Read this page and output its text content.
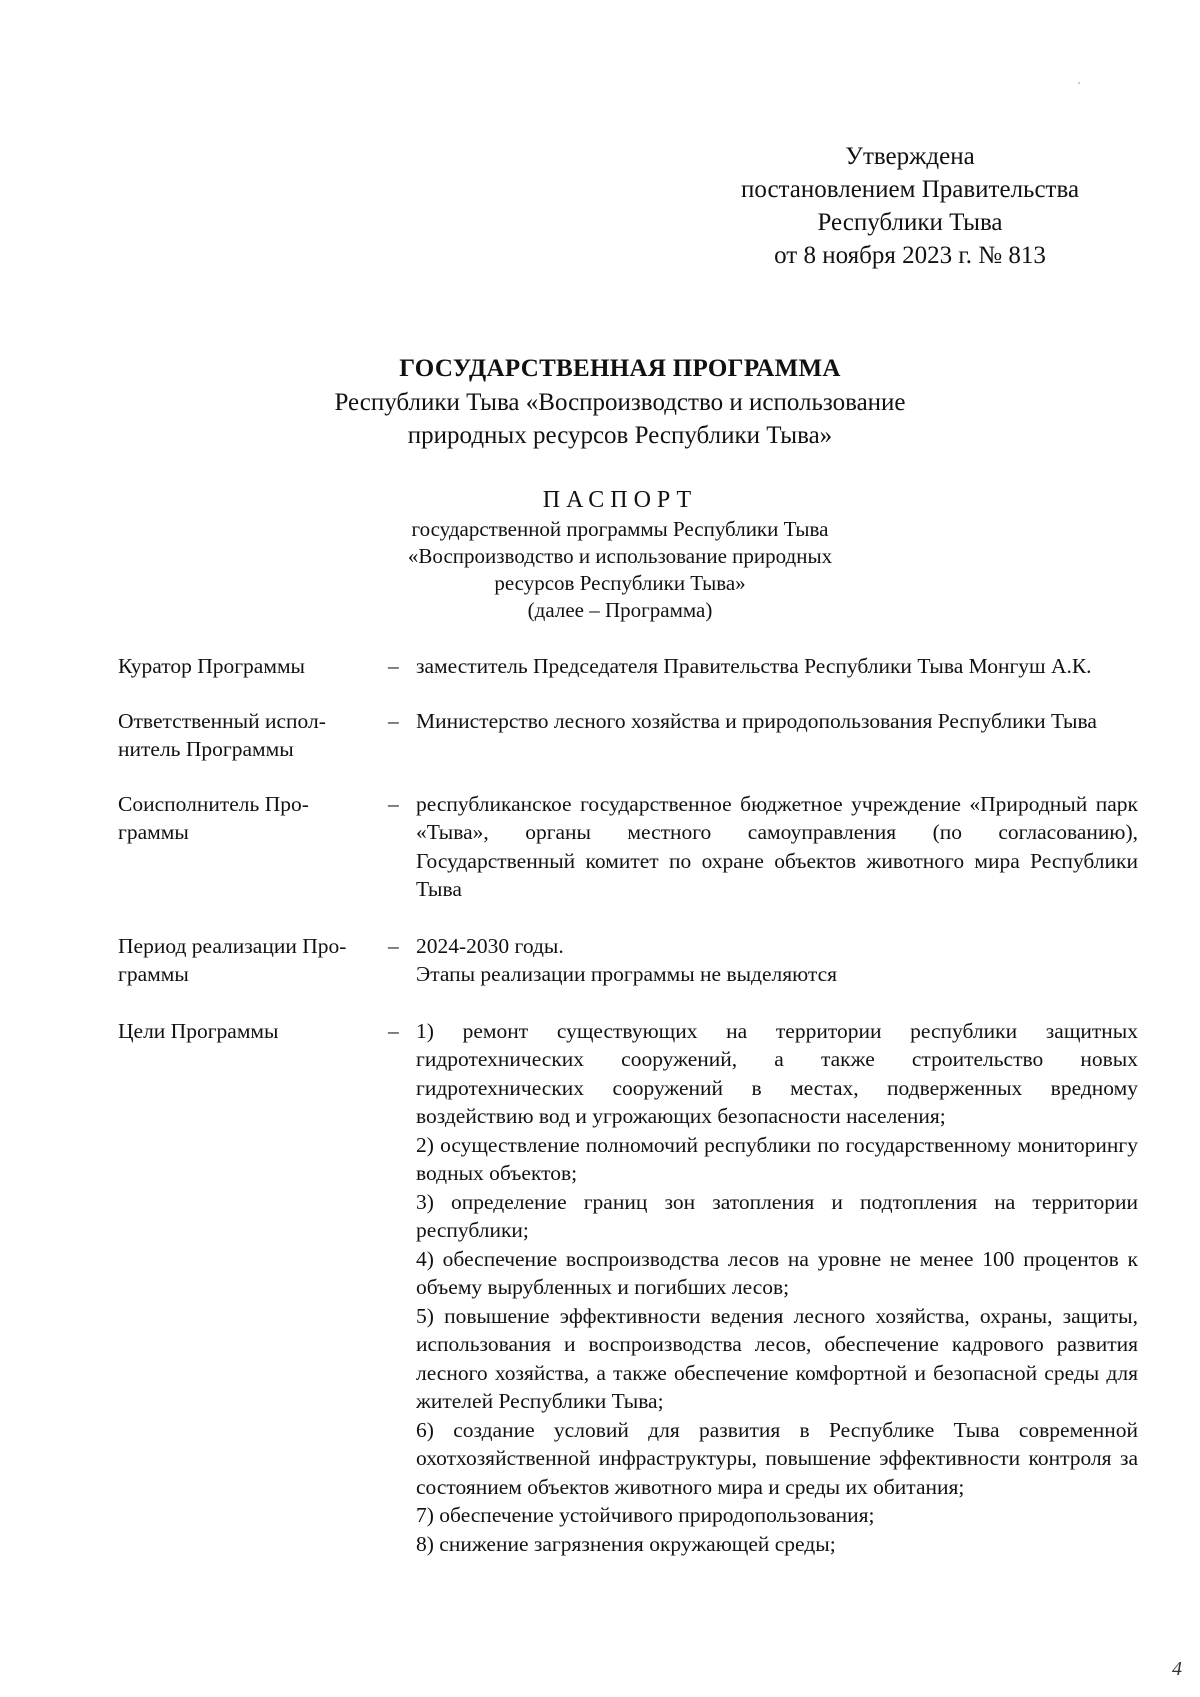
Утверждена
постановлением Правительства
Республики Тыва
от 8 ноября 2023 г. № 813
ГОСУДАРСТВЕННАЯ ПРОГРАММА
Республики Тыва «Воспроизводство и использование
природных ресурсов Республики Тыва»
ПАСПОРТ
государственной программы Республики Тыва
«Воспроизводство и использование природных
ресурсов Республики Тыва»
(далее – Программа)
Куратор Программы	– заместитель Председателя Правительства Республики Тыва Монгуш А.К.
Ответственный испол-
нитель Программы
– Министерство лесного хозяйства и природопользования Республики Тыва
Соисполнитель Про-
граммы
– республиканское государственное бюджетное учреждение «Природный парк «Тыва», органы местного самоуправления (по согласованию), Государственный комитет по охране объектов животного мира Республики Тыва
Период реализации Про-
граммы
– 2024-2030 годы.
Этапы реализации программы не выделяются
Цели Программы	– 1) ремонт существующих на территории республики защитных гидротехнических сооружений, а также строительство новых гидротехнических сооружений в местах, подверженных вредному воздействию вод и угрожающих безопасности населения;
2) осуществление полномочий республики по государственному мониторингу водных объектов;
3) определение границ зон затопления и подтопления на территории республики;
4) обеспечение воспроизводства лесов на уровне не менее 100 процентов к объему вырубленных и погибших лесов;
5) повышение эффективности ведения лесного хозяйства, охраны, защиты, использования и воспроизводства лесов, обеспечение кадрового развития лесного хозяйства, а также обеспечение комфортной и безопасной среды для жителей Республики Тыва;
6) создание условий для развития в Республике Тыва современной охотхозяйственной инфраструктуры, повышение эффективности контроля за состоянием объектов животного мира и среды их обитания;
7) обеспечение устойчивого природопользования;
8) снижение загрязнения окружающей среды;
4
